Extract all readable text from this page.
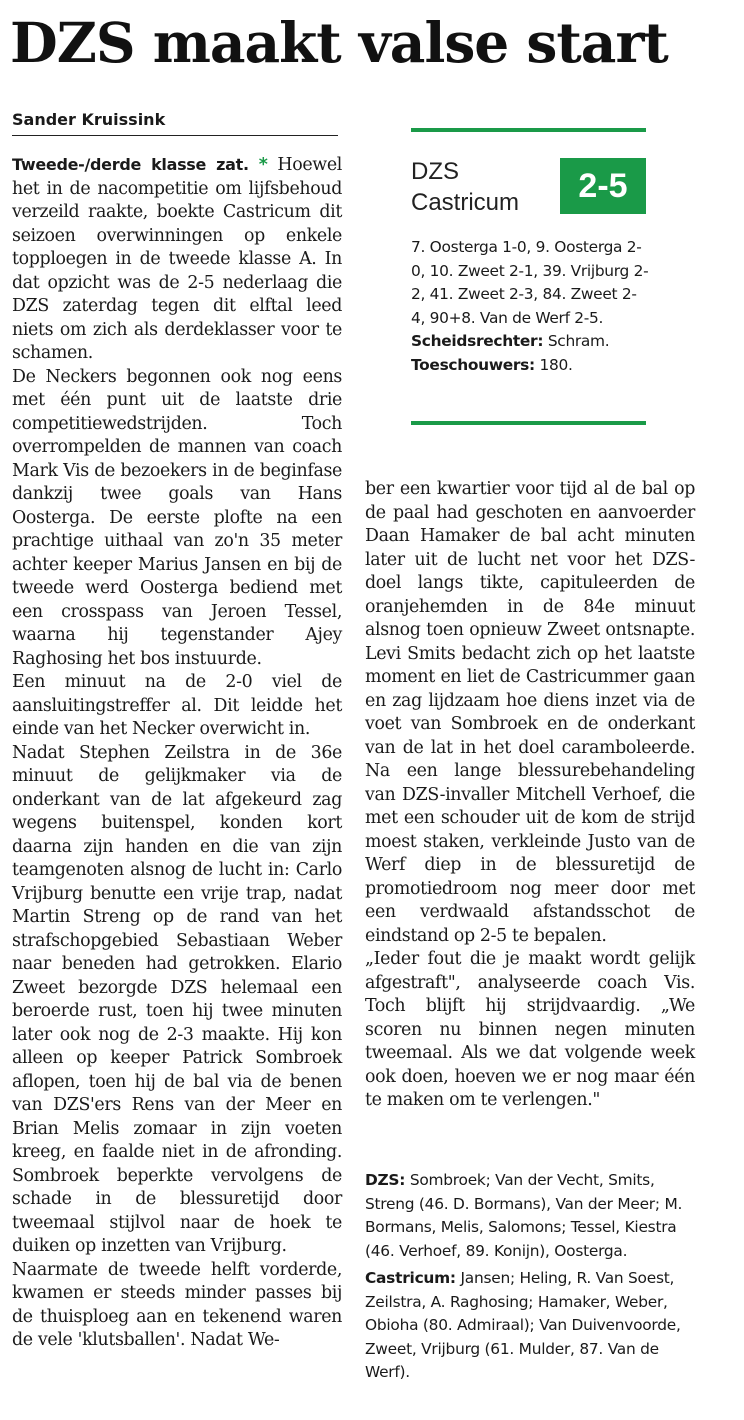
DZS maakt valse start
Sander Kruissink

Tweede-/derde klasse zat. * Hoewel het in de nacompetitie om lijfsbehoud verzeild raakte, boekte Castricum dit seizoen overwinningen op enkele topploegen in de tweede klasse A. In dat opzicht was de 2-5 nederlaag die DZS zaterdag tegen dit elftal leed niets om zich als derdeklasser voor te schamen.

De Neckers begonnen ook nog eens met één punt uit de laatste drie competitiewedstrijden. Toch overrompelden de mannen van coach Mark Vis de bezoekers in de beginfase dankzij twee goals van Hans Oosterga. De eerste plofte na een prachtige uithaal van zo'n 35 meter achter keeper Marius Jansen en bij de tweede werd Oosterga bediend met een crosspass van Jeroen Tessel, waarna hij tegenstander Ajey Raghosing het bos instuurde.

Een minuut na de 2-0 viel de aansluitingstreffer al. Dit leidde het einde van het Necker overwicht in.

Nadat Stephen Zeilstra in de 36e minuut de gelijkmaker via de onderkant van de lat afgekeurd zag wegens buitenspel, konden kort daarna zijn handen en die van zijn teamgenoten alsnog de lucht in: Carlo Vrijburg benutte een vrije trap, nadat Martin Streng op de rand van het strafschopgebied Sebastiaan Weber naar beneden had getrokken. Elario Zweet bezorgde DZS helemaal een beroerde rust, toen hij twee minuten later ook nog de 2-3 maakte. Hij kon alleen op keeper Patrick Sombroek aflopen, toen hij de bal via de benen van DZS'ers Rens van der Meer en Brian Melis zomaar in zijn voeten kreeg, en faalde niet in de afronding. Sombroek beperkte vervolgens de schade in de blessuretijd door tweemaal stijlvol naar de hoek te duiken op inzetten van Vrijburg.

Naarmate de tweede helft vorderde, kwamen er steeds minder passes bij de thuisploeg aan en tekenend waren de vele 'klutsballen'. Nadat We-

DZS
Castricum	2-5
7. Oosterga 1-0, 9. Oosterga 2-0, 10. Zweet 2-1, 39. Vrijburg 2-2, 41. Zweet 2-3, 84. Zweet 2-4, 90+8. Van de Werf 2-5. Scheidsrechter: Schram. Toeschouwers: 180.

ber een kwartier voor tijd al de bal op de paal had geschoten en aanvoerder Daan Hamaker de bal acht minuten later uit de lucht net voor het DZS-doel langs tikte, capituleerden de oranjehemden in de 84e minuut alsnog toen opnieuw Zweet ontsnapte. Levi Smits bedacht zich op het laatste moment en liet de Castricummer gaan en zag lijdzaam hoe diens inzet via de voet van Sombroek en de onderkant van de lat in het doel caramboleerde. Na een lange blessurebehandeling van DZS-invaller Mitchell Verhoef, die met een schouder uit de kom de strijd moest staken, verkleinde Justo van de Werf diep in de blessuretijd de promotiedroom nog meer door met een verdwaald afstandsschot de eindstand op 2-5 te bepalen.

„Ieder fout die je maakt wordt gelijk afgestraft", analyseerde coach Vis. Toch blijft hij strijdvaardig. „We scoren nu binnen negen minuten tweemaal. Als we dat volgende week ook doen, hoeven we er nog maar één te maken om te verlengen."

DZS: Sombroek; Van der Vecht, Smits, Streng (46. D. Bormans), Van der Meer; M. Bormans, Melis, Salomons; Tessel, Kiestra (46. Verhoef, 89. Konijn), Oosterga.

Castricum: Jansen; Heling, R. Van Soest, Zeilstra, A. Raghosing; Hamaker, Weber, Obioha (80. Admiraal); Van Duivenvoorde, Zweet, Vrijburg (61. Mulder, 87. Van de Werf).
